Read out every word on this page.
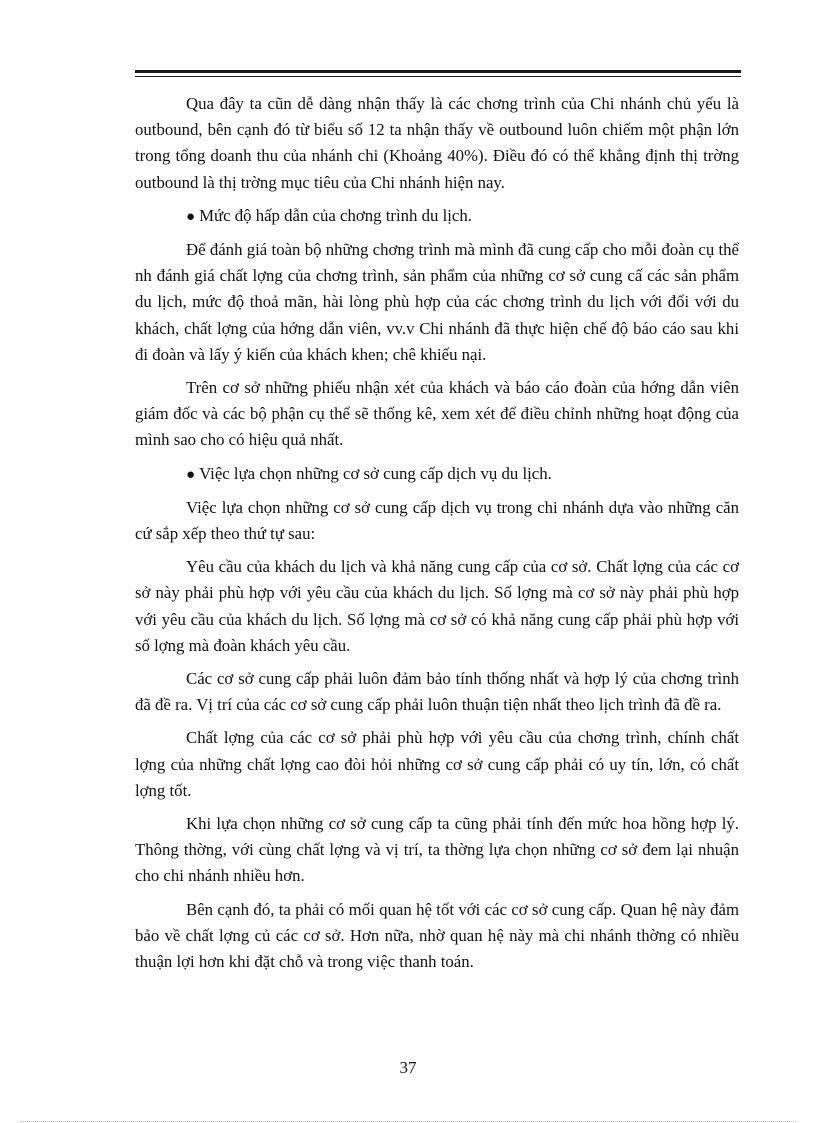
Qua đây ta cũn dễ dàng nhận thấy là các chơng trình của Chi nhánh chủ yếu là outbound, bên cạnh đó từ biểu số 12 ta nhận thấy về outbound luôn chiếm một phận lớn trong tổng doanh thu của nhánh chi (Khoảng 40%). Điều đó có thể khẳng định thị trờng outbound là thị trờng mục tiêu của Chi nhánh hiện nay.

● Mức độ hấp dẫn của chơng trình du lịch.

Để đánh giá toàn bộ những chơng trình mà mình đã cung cấp cho mỗi đoàn cụ thể nh đánh giá chất lợng của chơng trình, sản phẩm của những cơ sở cung cấ các sản phẩm du lịch, mức độ thoả mãn, hài lòng phù hợp của các chơng trình du lịch với đối với du khách, chất lợng của hớng dẫn viên, vv.v Chi nhánh đã thực hiện chế độ báo cáo sau khi đi đoàn và lấy ý kiến của khách khen; chê khiếu nại.

Trên cơ sở những phiếu nhận xét của khách và báo cáo đoàn của hớng dẫn viên giám đốc và các bộ phận cụ thể sẽ thống kê, xem xét để điều chỉnh những hoạt động của mình sao cho có hiệu quả nhất.

● Việc lựa chọn những cơ sở cung cấp dịch vụ du lịch.

Việc lựa chọn những cơ sở cung cấp dịch vụ trong chi nhánh dựa vào những căn cứ sắp xếp theo thứ tự sau:

Yêu cầu của khách du lịch và khả năng cung cấp của cơ sở. Chất lợng của các cơ sở này phải phù hợp với yêu cầu của khách du lịch. Số lợng mà cơ sở này phải phù hợp với yêu cầu của khách du lịch. Số lợng mà cơ sở có khả năng cung cấp phải phù hợp với số lợng mà đoàn khách yêu cầu.

Các cơ sở cung cấp phải luôn đảm bảo tính thống nhất và hợp lý của chơng trình đã đề ra. Vị trí của các cơ sở cung cấp phải luôn thuận tiện nhất theo lịch trình đã đề ra.

Chất lợng của các cơ sở phải phù hợp với yêu cầu của chơng trình, chính chất lợng của những chất lợng cao đòi hỏi những cơ sở cung cấp phải có uy tín, lớn, có chất lợng tốt.

Khi lựa chọn những cơ sở cung cấp ta cũng phải tính đến mức hoa hồng hợp lý. Thông thờng, với cùng chất lợng và vị trí, ta thờng lựa chọn những cơ sở đem lại nhuận cho chi nhánh nhiều hơn.

Bên cạnh đó, ta phải có mối quan hệ tốt với các cơ sở cung cấp. Quan hệ này đảm bảo về chất lợng củ các cơ sở. Hơn nữa, nhờ quan hệ này mà chi nhánh thờng có nhiều thuận lợi hơn khi đặt chỗ và trong việc thanh toán.

37
